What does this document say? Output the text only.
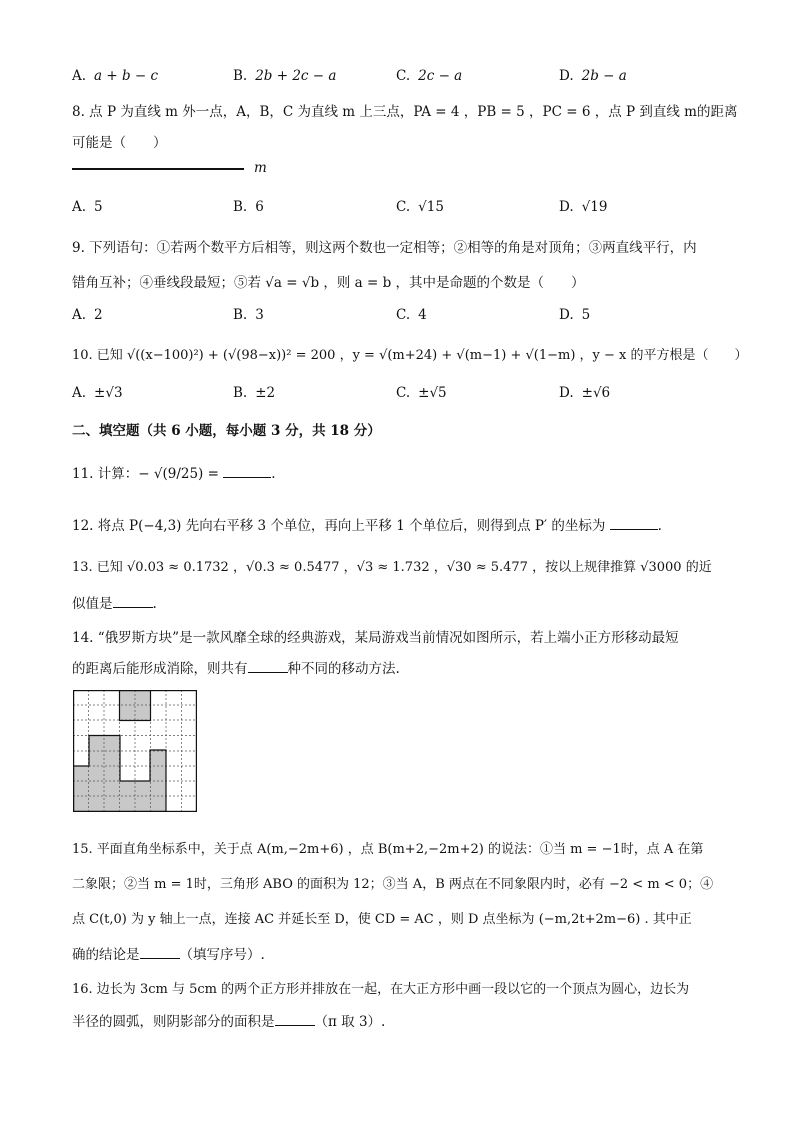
A. a + b − c	B. 2b + 2c − a	C. 2c − a	D. 2b − a
8. 点 P 为直线 m 外一点，A，B，C 为直线 m 上三点，PA = 4 ，PB = 5 ，PC = 6 ，点 P 到直线 m的距离
可能是（　　）
m
A. 5	B. 6	C. √15	D. √19
9. 下列语句：①若两个数平方后相等，则这两个数也一定相等；②相等的角是对顶角；③两直线平行，内
错角互补；④垂线段最短；⑤若 √a = √b ，则 a = b ，其中是命题的个数是（　　）
A. 2	B. 3	C. 4	D. 5
10. 已知 √((x−100)²) + (√(98−x))² = 200 ，y = √(m+24) + √(m−1) + √(1−m) ，y − x 的平方根是（　　）
A. ±√3	B. ±2	C. ±√5	D. ±√6
二、填空题（共 6 小题，每小题 3 分，共 18 分）
11. 计算：− √(9/25) =	.
12. 将点 P(−4,3) 先向右平移 3 个单位，再向上平移 1 个单位后，则得到点 P′ 的坐标为	.
13. 已知 √0.03 ≈ 0.1732 ，√0.3 ≈ 0.5477 ，√3 ≈ 1.732 ，√30 ≈ 5.477 ，按以上规律推算 √3000 的近
似值是	.
14. “俄罗斯方块”是一款风靡全球的经典游戏，某局游戏当前情况如图所示，若上端小正方形移动最短
的距离后能形成消除，则共有	种不同的移动方法.
15. 平面直角坐标系中，关于点 A(m,−2m+6) ，点 B(m+2,−2m+2) 的说法：①当 m = −1时，点 A 在第
二象限；②当 m = 1时，三角形 ABO 的面积为 12；③当 A，B 两点在不同象限内时，必有 −2 < m < 0；④
点 C(t,0) 为 y 轴上一点，连接 AC 并延长至 D，使 CD = AC ，则 D 点坐标为 (−m,2t+2m−6) . 其中正
确的结论是	（填写序号）.
16. 边长为 3cm 与 5cm 的两个正方形并排放在一起，在大正方形中画一段以它的一个顶点为圆心，边长为
半径的圆弧，则阴影部分的面积是	（π 取 3）.
